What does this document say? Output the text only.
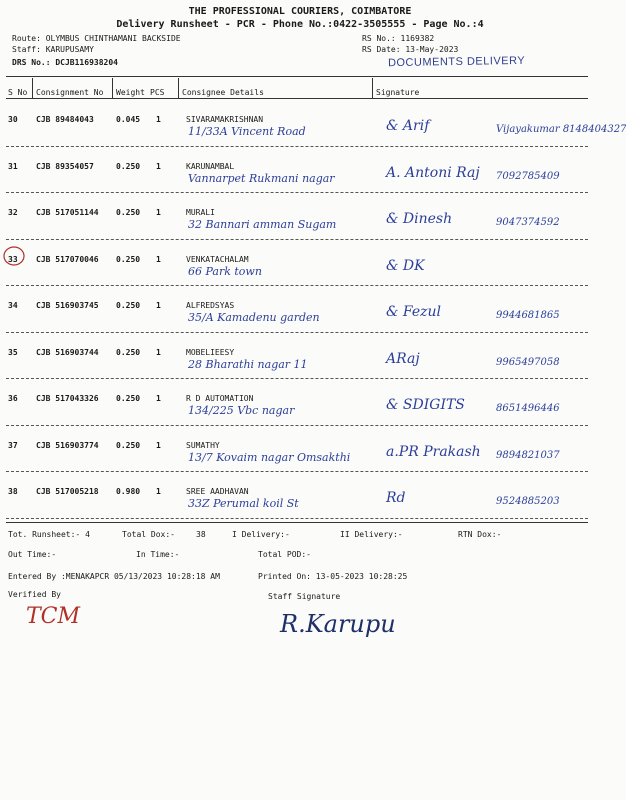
THE PROFESSIONAL COURIERS, COIMBATORE
Delivery Runsheet - PCR - Phone No.:0422-3505555 - Page No.:4
Route: OLYMBUS CHINTHAMANI BACKSIDE
Staff: KARUPUSAMY
DRS No.: DCJB116938204
RS No.: 1169382
RS Date: 13-May-2023
DOCUMENTS DELIVERY
S No Consignment No Weight PCS Consignee Details	Signature
30 CJB 89484043	0.045 1	SIVARAMAKRISHNAN
11/33A Vincent Road	& Arif	Vijayakumar 8148404327
31 CJB 89354057	0.250 1	KARUNAMBAL
Vannarpet Rukmani nagar	A. Antoni Raj 7092785409
32 CJB 517051144 0.250 1	MURALI
32 Bannari amman Sugam	& Dinesh	9047374592
33 CJB 517070046 0.250 1	VENKATACHALAM
66 Park town	& DK
34 CJB 516903745 0.250 1	ALFREDSYAS
35/A Kamadenu garden	& Fezul	9944681865
35 CJB 516903744 0.250 1	MOBELIEESY
28 Bharathi nagar 11	ARaj	9965497058
36 CJB 517043326 0.250 1	R D AUTOMATION
134/225 Vbc nagar	& SDIGITS	8651496446
37 CJB 516903774 0.250 1	SUMATHY
13/7 Kovaim nagar Omsakthi	a.PR Prakash 9894821037
38 CJB 517005218 0.980 1	SREE AADHAVAN
33Z Perumal koil St	Rd	9524885203
Tot. Runsheet:- 4	Total Dox:-	38	I Delivery:-	II Delivery:-	RTN Dox:-
Out Time:-	In Time:-	Total POD:-
Entered By :MENAKAPCR 05/13/2023 10:28:18 AM	Printed On: 13-05-2023 10:28:25
Verified By	Staff Signature
TCM	R.Karupu
